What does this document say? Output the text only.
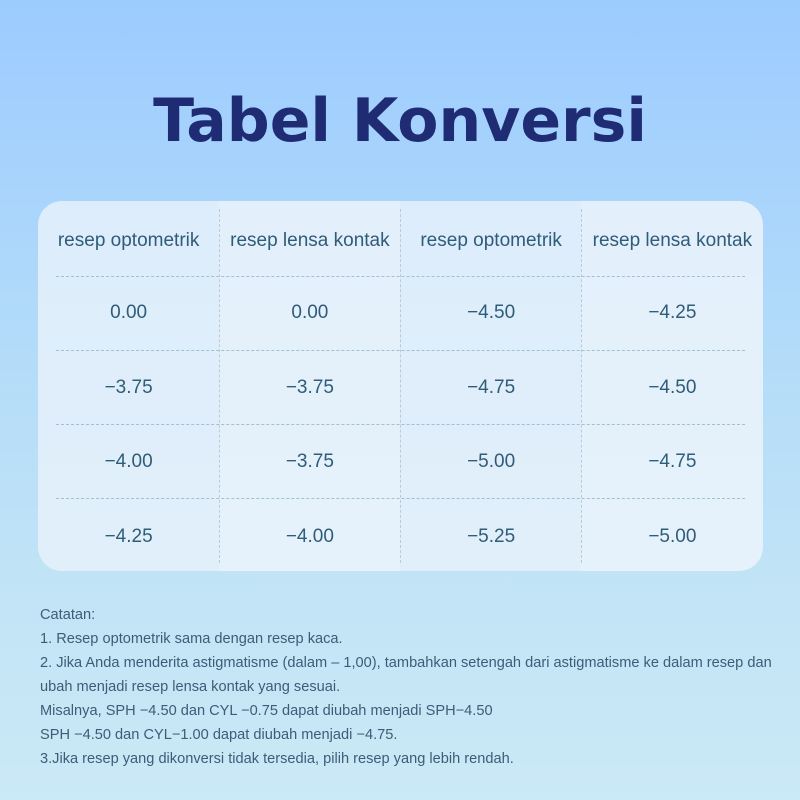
Tabel Konversi
resep optometrik	resep lensa kontak	resep optometrik	resep lensa kontak
0.00	0.00	−4.50	−4.25
−3.75	−3.75	−4.75	−4.50
−4.00	−3.75	−5.00	−4.75
−4.25	−4.00	−5.25	−5.00

Catatan:

1. Resep optometrik sama dengan resep kaca.

2. Jika Anda menderita astigmatisme (dalam – 1,00), tambahkan setengah dari astigmatisme ke dalam resep dan ubah menjadi resep lensa kontak yang sesuai.

Misalnya, SPH −4.50 dan CYL −0.75 dapat diubah menjadi SPH−4.50

SPH −4.50 dan CYL−1.00 dapat diubah menjadi −4.75.

3.Jika resep yang dikonversi tidak tersedia, pilih resep yang lebih rendah.
